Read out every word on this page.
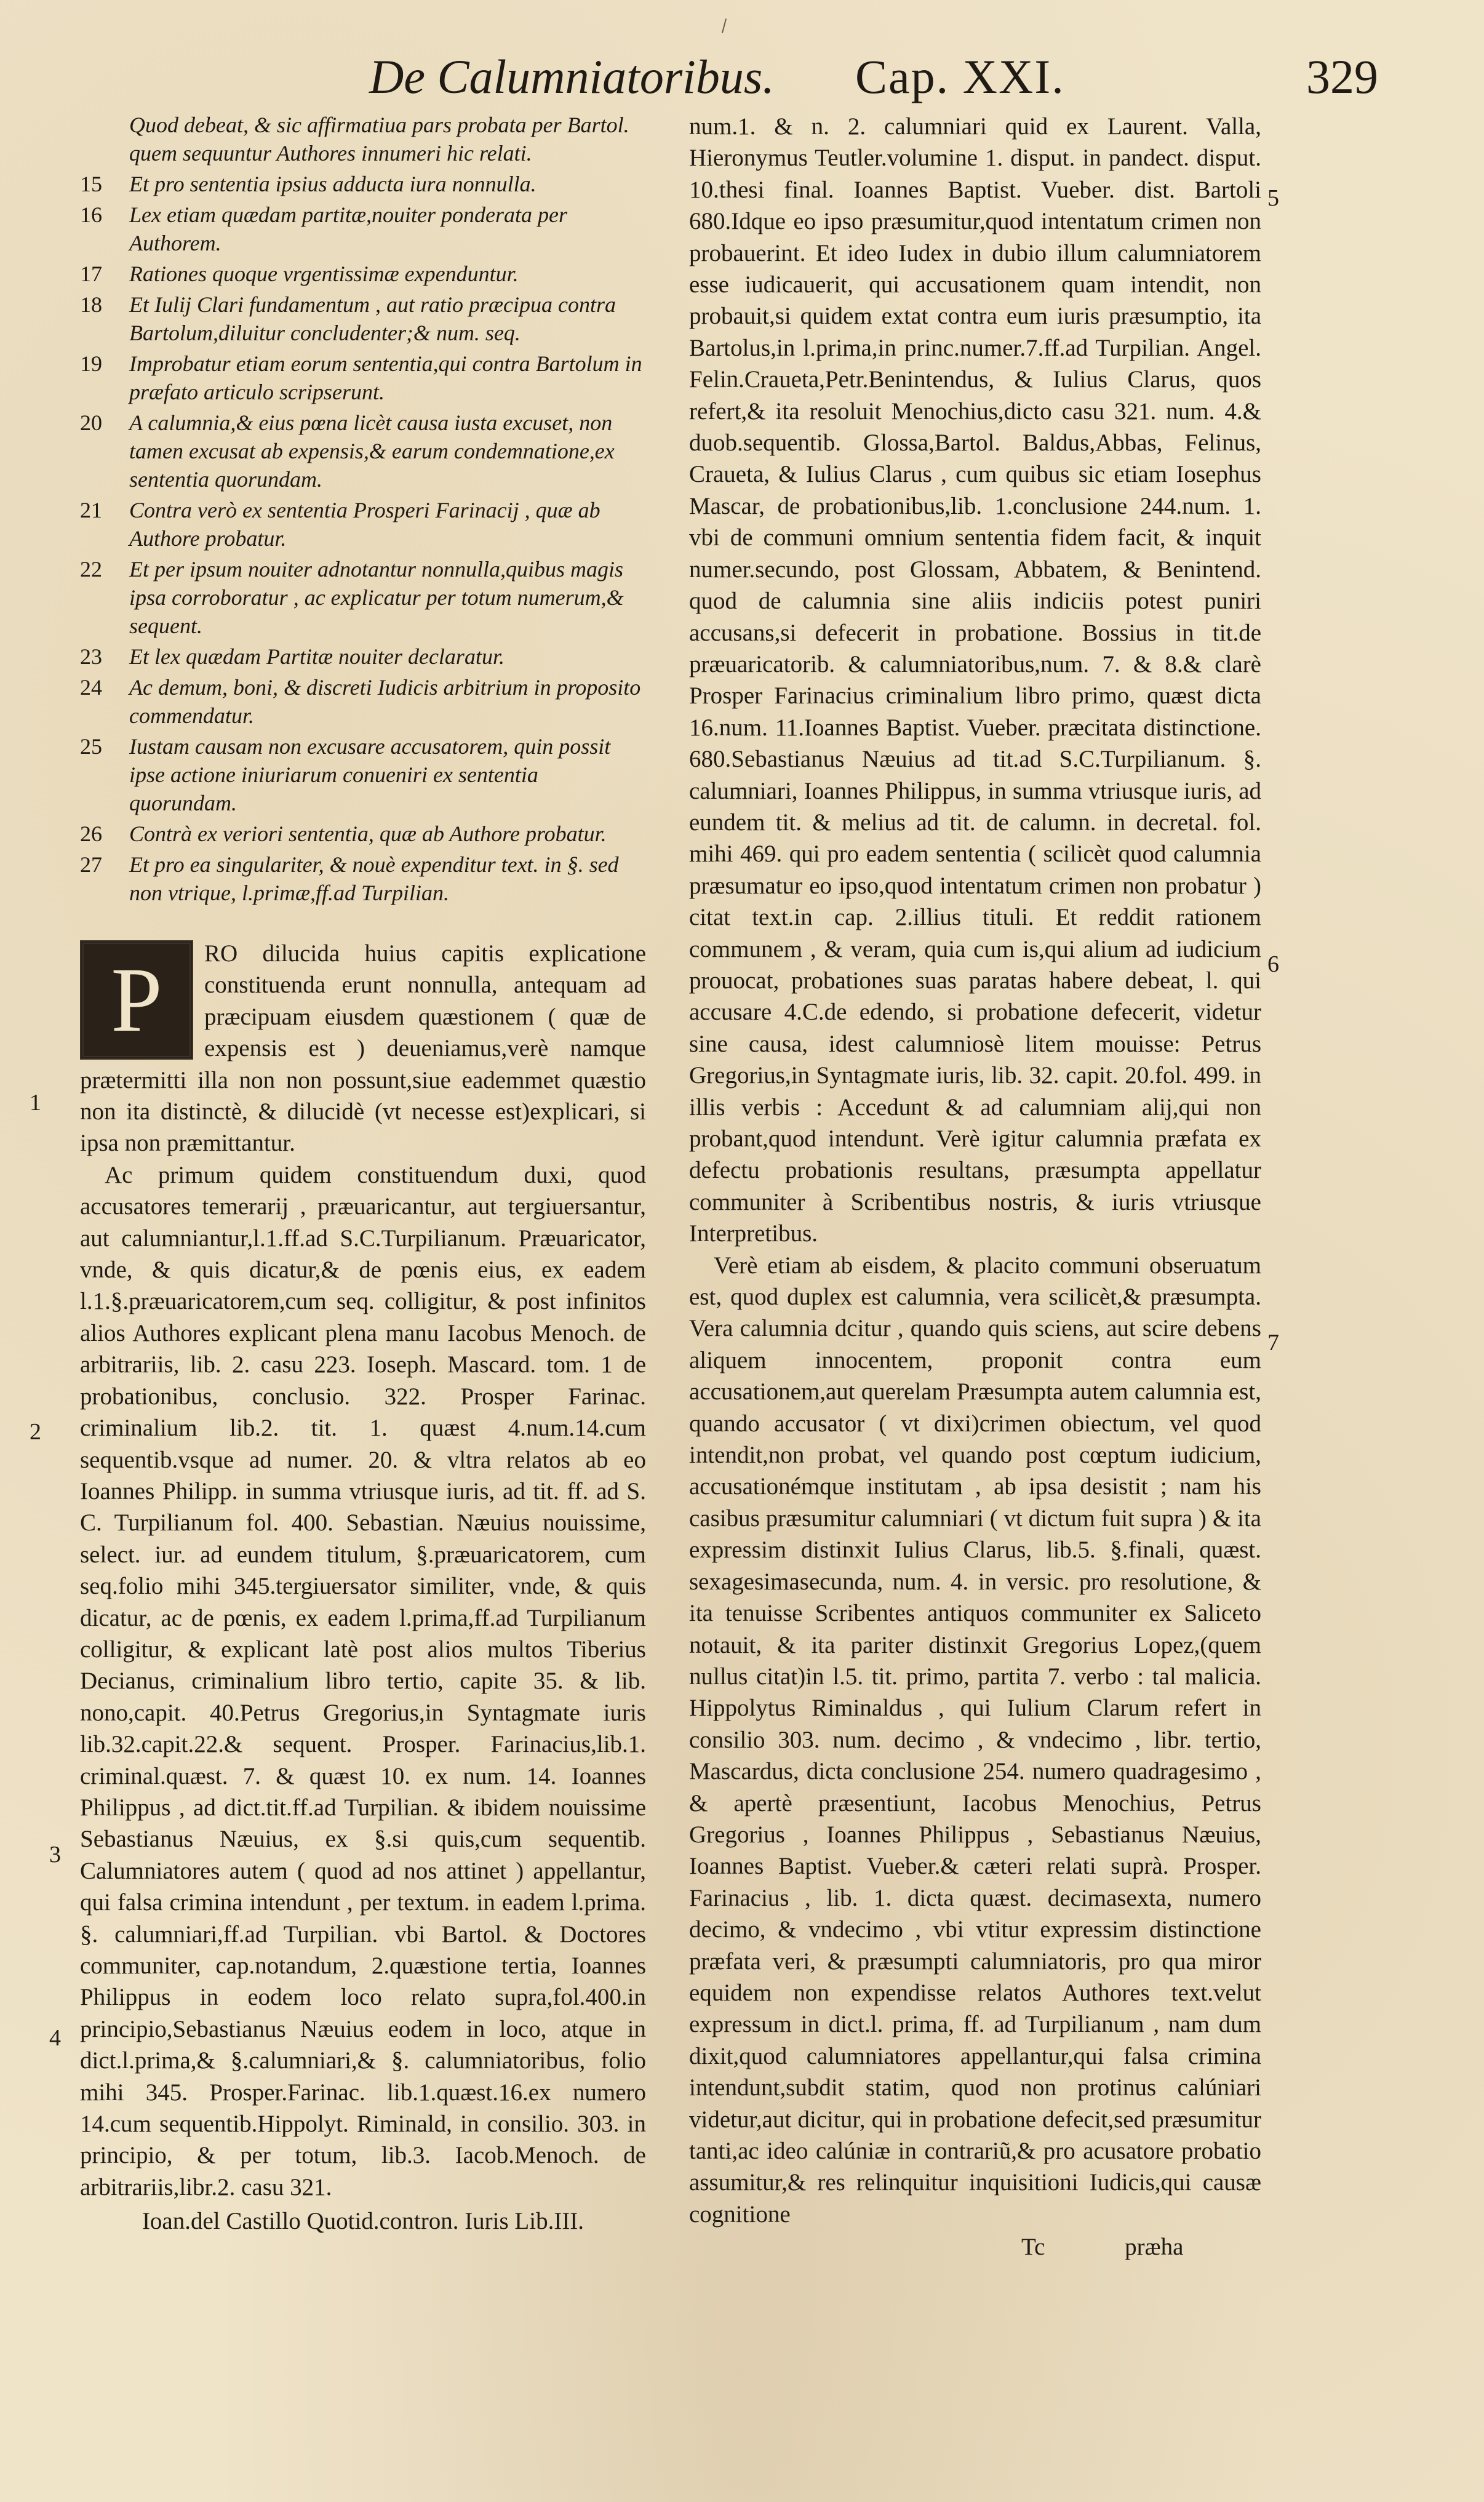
De Calumniatoribus. Cap. XXI.	329
Quod debeat, & sic affirmatiua pars probata per Bartol. quem sequuntur Authores innumeri hic relati.
15 Et pro sententia ipsius adducta iura nonnulla.
16 Lex etiam quædam partitæ,nouiter ponderata per Authorem.
17 Rationes quoque vrgentissimæ expenduntur.
18 Et Iulij Clari fundamentum , aut ratio præcipua contra Bartolum,diluitur concludenter;& num. seq.
19 Improbatur etiam eorum sententia,qui contra Bartolum in præfato articulo scripserunt.
20 A calumnia,& eius pœna licèt causa iusta excuset, non tamen excusat ab expensis,& earum condemnatione,ex sententia quorundam.
21 Contra verò ex sententia Prosperi Farinacij , quæ ab Authore probatur.
22 Et per ipsum nouiter adnotantur nonnulla,quibus magis ipsa corroboratur , ac explicatur per totum numerum,& sequent.
23 Et lex quædam Partitæ nouiter declaratur.
24 Ac demum, boni, & discreti Iudicis arbitrium in proposito commendatur.
25 Iustam causam non excusare accusatorem, quin possit ipse actione iniuriarum conueniri ex sententia quorundam.
26 Contrà ex veriori sententia, quæ ab Authore probatur.
27 Et pro ea singulariter, & nouè expenditur text. in §. sed non vtrique, l.primæ,ff.ad Turpilian.
P	RO dilucida huius capitis explicatione constituenda erunt nonnulla, antequam ad præcipuam eiusdem quæstionem ( quæ de expensis est ) deueniamus,verè namque prætermitti illa non non possunt,siue eademmet quæstio non ita distinctè, & dilucidè (vt necesse est)explicari, si ipsa non præmittantur.

Ac primum quidem constituendum duxi, quod accusatores temerarij , præuaricantur, aut tergiuersantur, aut calumniantur,l.1.ff.ad S.C.Turpilianum. Præuaricator, vnde, & quis dicatur,& de pœnis eius, ex eadem l.1.§.præuaricatorem,cum seq. colligitur, & post infinitos alios Authores explicant plena manu Iacobus Menoch. de arbitrariis, lib. 2. casu 223. Ioseph. Mascard. tom. 1 de probationibus, conclusio. 322. Prosper Farinac. criminalium lib.2. tit. 1. quæst 4.num.14.cum sequentib.vsque ad numer. 20. & vltra relatos ab eo Ioannes Philipp. in summa vtriusque iuris, ad tit. ff. ad S. C. Turpilianum fol. 400. Sebastian. Næuius nouissime, select. iur. ad eundem titulum, §.præuaricatorem, cum seq.folio mihi 345.tergiuersator similiter, vnde, & quis dicatur, ac de pœnis, ex eadem l.prima,ff.ad Turpilianum colligitur, & explicant latè post alios multos Tiberius Decianus, criminalium libro tertio, capite 35. & lib. nono,capit. 40.Petrus Gregorius,in Syntagmate iuris lib.32.capit.22.& sequent. Prosper. Farinacius,lib.1. criminal.quæst. 7. & quæst 10. ex num. 14. Ioannes Philippus , ad dict.tit.ff.ad Turpilian. & ibidem nouissime Sebastianus Næuius, ex §.si quis,cum sequentib. Calumniatores autem ( quod ad nos attinet ) appellantur, qui falsa crimina intendunt , per textum. in eadem l.prima. §. calumniari,ff.ad Turpilian. vbi Bartol. & Doctores communiter, cap.notandum, 2.quæstione tertia, Ioannes Philippus in eodem loco relato supra,fol.400.in principio,Sebastianus Næuius eodem in loco, atque in dict.l.prima,& §.calumniari,& §. calumniatoribus, folio mihi 345. Prosper.Farinac. lib.1.quæst.16.ex numero 14.cum sequentib.Hippolyt. Riminald, in consilio. 303. in principio, & per totum, lib.3. Iacob.Menoch. de arbitrariis,libr.2. casu 321.

Ioan.del Castillo Quotid.contron. Iuris Lib.III.

num.1. & n. 2. calumniari quid ex Laurent. Valla, Hieronymus Teutler.volumine 1. disput. in pandect. disput. 10.thesi final. Ioannes Baptist. Vueber. dist. Bartoli 680.Idque eo ipso præsumitur,quod intentatum crimen non probauerint. Et ideo Iudex in dubio illum calumniatorem esse iudicauerit, qui accusationem quam intendit, non probauit,si quidem extat contra eum iuris præsumptio, ita Bartolus,in l.prima,in princ.numer.7.ff.ad Turpilian. Angel. Felin.Craueta,Petr.Benintendus, & Iulius Clarus, quos refert,& ita resoluit Menochius,dicto casu 321. num. 4.& duob.sequentib. Glossa,Bartol. Baldus,Abbas, Felinus, Craueta, & Iulius Clarus , cum quibus sic etiam Iosephus Mascar, de probationibus,lib. 1.conclusione 244.num. 1. vbi de communi omnium sententia fidem facit, & inquit numer.secundo, post Glossam, Abbatem, & Benintend. quod de calumnia sine aliis indiciis potest puniri accusans,si defecerit in probatione. Bossius in tit.de præuaricatorib. & calumniatoribus,num. 7. & 8.& clarè Prosper Farinacius criminalium libro primo, quæst dicta 16.num. 11.Ioannes Baptist. Vueber. præcitata distinctione. 680.Sebastianus Næuius ad tit.ad S.C.Turpilianum. §. calumniari, Ioannes Philippus, in summa vtriusque iuris, ad eundem tit. & melius ad tit. de calumn. in decretal. fol. mihi 469. qui pro eadem sententia ( scilicèt quod calumnia præsumatur eo ipso,quod intentatum crimen non probatur ) citat text.in cap. 2.illius tituli. Et reddit rationem communem , & veram, quia cum is,qui alium ad iudicium prouocat, probationes suas paratas habere debeat, l. qui accusare 4.C.de edendo, si probatione defecerit, videtur sine causa, idest calumniosè litem mouisse: Petrus Gregorius,in Syntagmate iuris, lib. 32. capit. 20.fol. 499. in illis verbis : Accedunt & ad calumniam alij,qui non probant,quod intendunt. Verè igitur calumnia præfata ex defectu probationis resultans, præsumpta appellatur communiter à Scribentibus nostris, & iuris vtriusque Interpretibus.

Verè etiam ab eisdem, & placito communi obseruatum est, quod duplex est calumnia, vera scilicèt,& præsumpta. Vera calumnia dcitur , quando quis sciens, aut scire debens aliquem innocentem, proponit contra eum accusationem,aut querelam Præsumpta autem calumnia est, quando accusator ( vt dixi)crimen obiectum, vel quod intendit,non probat, vel quando post cœptum iudicium, accusationémque institutam , ab ipsa desistit ; nam his casibus præsumitur calumniari ( vt dictum fuit supra ) & ita expressim distinxit Iulius Clarus, lib.5. §.finali, quæst. sexagesimasecunda, num. 4. in versic. pro resolutione, & ita tenuisse Scribentes antiquos communiter ex Saliceto notauit, & ita pariter distinxit Gregorius Lopez,(quem nullus citat)in l.5. tit. primo, partita 7. verbo : tal malicia. Hippolytus Riminaldus , qui Iulium Clarum refert in consilio 303. num. decimo , & vndecimo , libr. tertio, Mascardus, dicta conclusione 254. numero quadragesimo , & apertè præsentiunt, Iacobus Menochius, Petrus Gregorius , Ioannes Philippus , Sebastianus Næuius, Ioannes Baptist. Vueber.& cæteri relati suprà. Prosper. Farinacius , lib. 1. dicta quæst. decimasexta, numero decimo, & vndecimo , vbi vtitur expressim distinctione præfata veri, & præsumpti calumniatoris, pro qua miror equidem non expendisse relatos Authores text.velut expressum in dict.l. prima, ff. ad Turpilianum , nam dum dixit,quod calumniatores appellantur,qui falsa crimina intendunt,subdit statim, quod non protinus calúniari videtur,aut dicitur, qui in probatione defecit,sed præsumitur tanti,ac ideo calúniæ in contrariũ,& pro acusatore probatio assumitur,& res relinquitur inquisitioni Iudicis,qui causæ cognitione

Tc	præha

1
2
3
4
5
6
7
